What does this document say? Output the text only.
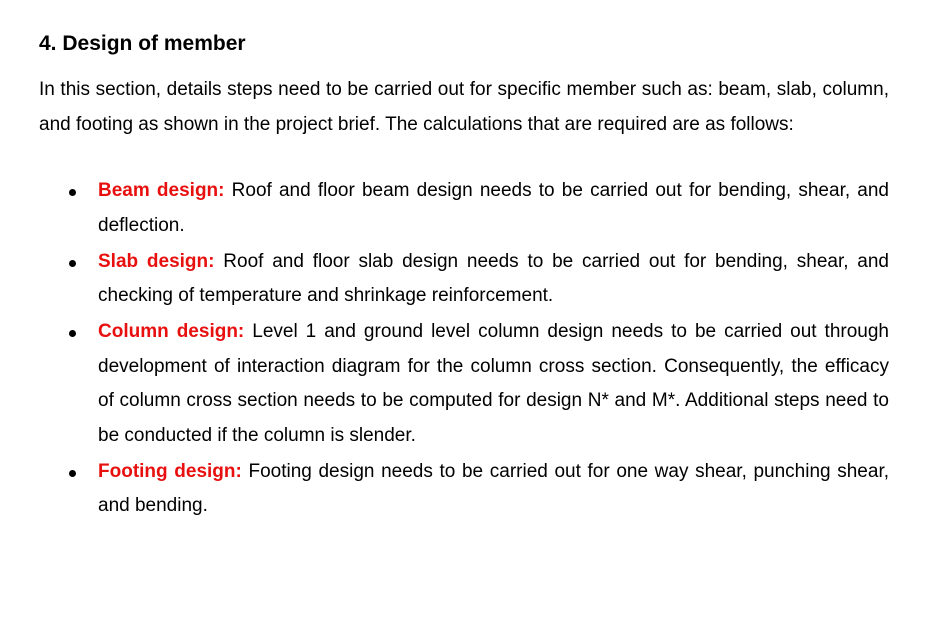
4. Design of member

In this section, details steps need to be carried out for specific member such as: beam, slab, column, and footing as shown in the project brief. The calculations that are required are as follows:

Beam design: Roof and floor beam design needs to be carried out for bending, shear, and deflection.
Slab design: Roof and floor slab design needs to be carried out for bending, shear, and checking of temperature and shrinkage reinforcement.
Column design: Level 1 and ground level column design needs to be carried out through development of interaction diagram for the column cross section. Consequently, the efficacy of column cross section needs to be computed for design N* and M*. Additional steps need to be conducted if the column is slender.
Footing design: Footing design needs to be carried out for one way shear, punching shear, and bending.
